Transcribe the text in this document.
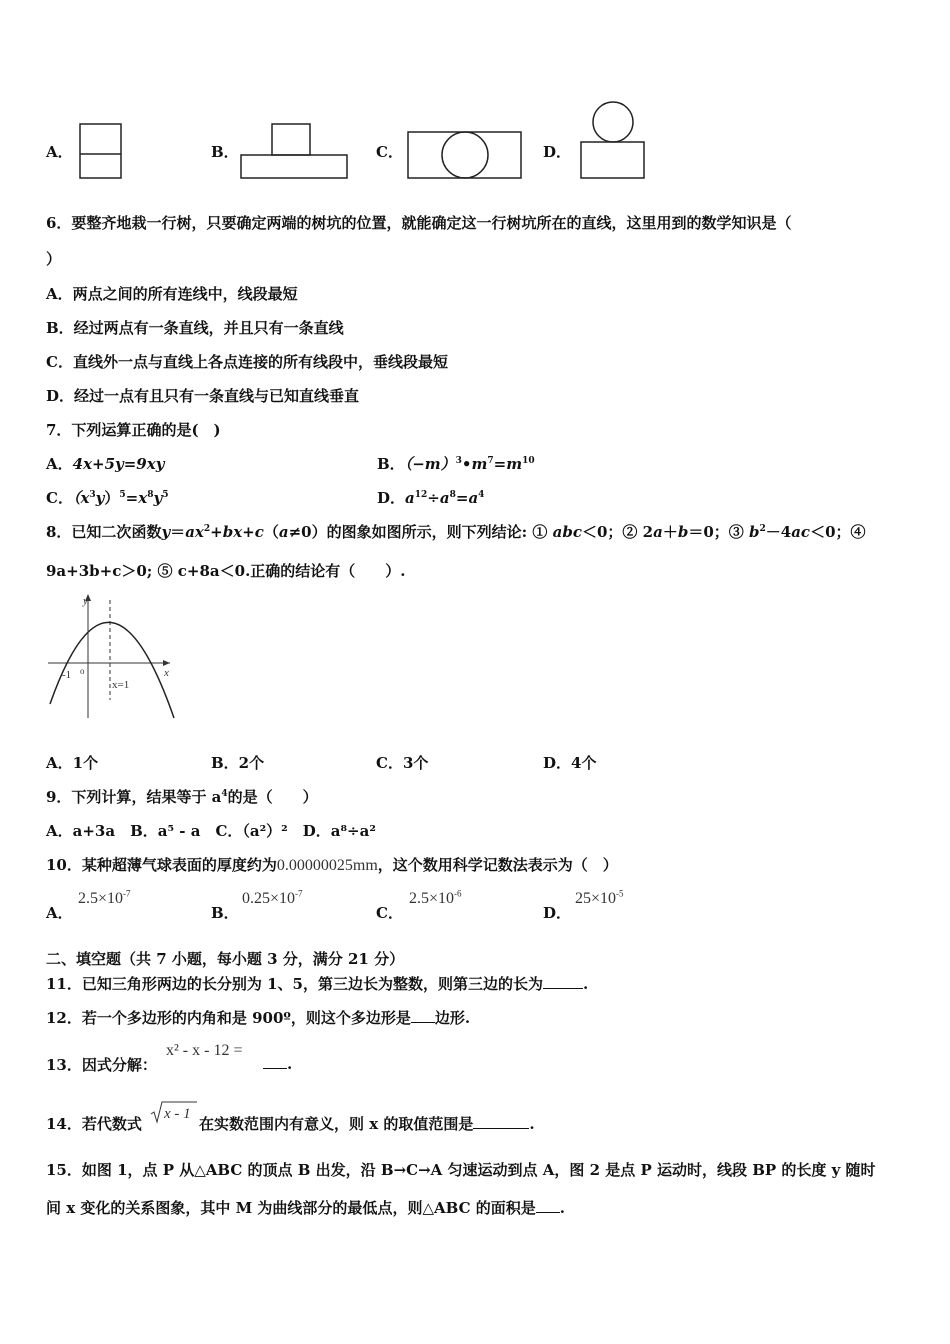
A．	B．	C．	D．
6．要整齐地栽一行树，只要确定两端的树坑的位置，就能确定这一行树坑所在的直线，这里用到的数学知识是（
）
A．两点之间的所有连线中，线段最短
B．经过两点有一条直线，并且只有一条直线
C．直线外一点与直线上各点连接的所有线段中，垂线段最短
D．经过一点有且只有一条直线与已知直线垂直
7．下列运算正确的是(　)
A．4x+5y=9xy	B．$(-m)^3•m^7=m^{10}$
C．$(x^3y)^5=x^8y^5$	D．$a^{12}\div a^8=a^4$
8．已知二次函数$y=ax^2+bx+c(a\ne 0)$的图象如图所示，则下列结论: ① abc＜0；② 2a＋b＝0；③ $b^2-4ac<0$；④
9a+3b+c＞0; ⑤ c+8a＜0.正确的结论有（　　）.
y
x
-1 o
x=1
A．1个	B．2个	C．3个	D．4个
9．下列计算，结果等于 $a^4$的是（　　）
A．a+3a　B．a⁵ - a　C．（a²）²　D．a⁸÷a²
10．某种超薄气球表面的厚度约为0.00000025mm，这个数用科学记数法表示为（　）
A．
$2.5\times 10^{-7}$
B．
$0.25\times 10^{-7}$
C．
$2.5\times 10^{-6}$
D．
$25\times 10^{-5}$
二、填空题（共 7 小题，每小题 3 分，满分 21 分）
11．已知三角形两边的长分别为 1、5，第三边长为整数，则第三边的长为	.
12．若一个多边形的内角和是 900º，则这个多边形是 边形.
13．因式分解：
x² - x - 12 =
.
14．若代数式
x - 1
在实数范围内有意义，则 x 的取值范围是	.
15．如图 1，点 P 从△ABC 的顶点 B 出发，沿 B→C→A 匀速运动到点 A，图 2 是点 P 运动时，线段 BP 的长度 y 随时
间 x 变化的关系图象，其中 M 为曲线部分的最低点，则△ABC 的面积是 .
